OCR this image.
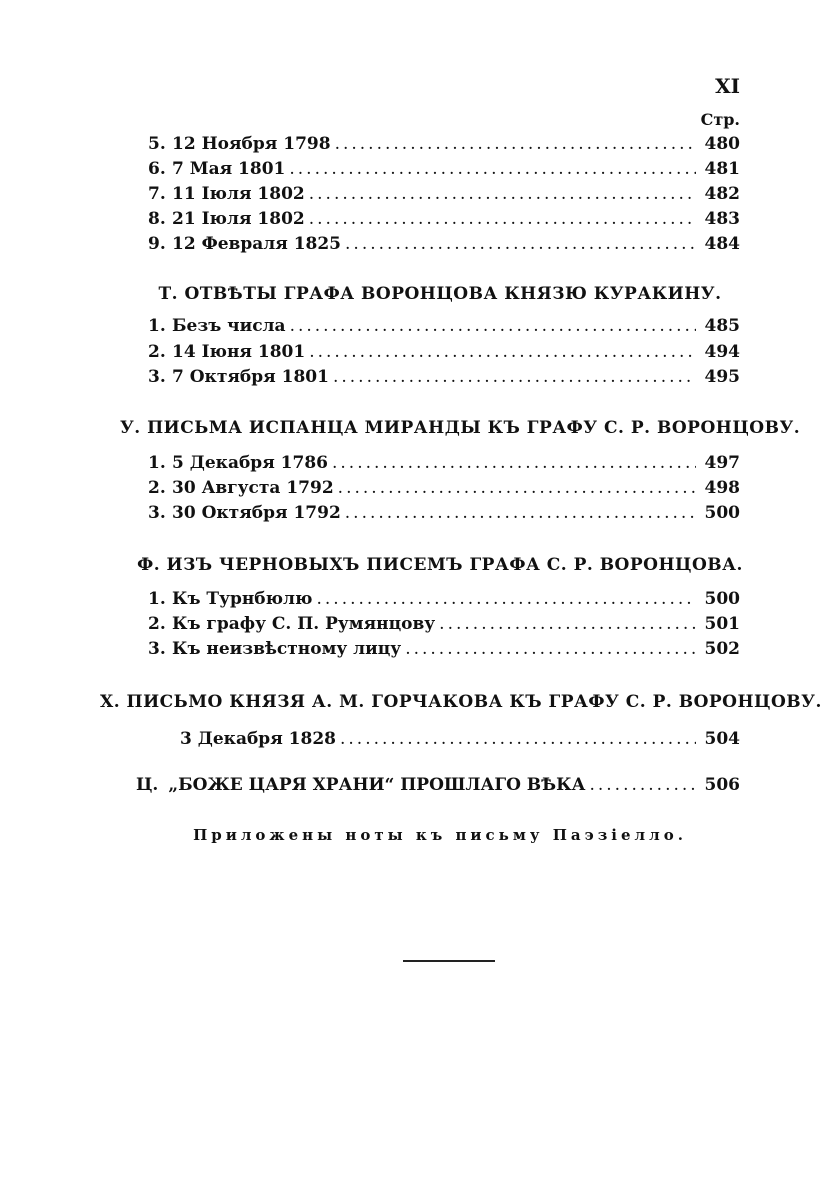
XI
Стр.
5. 12 Ноября 1798 .....	480
6. 7 Мая 1801 .....	481
7. 11 Іюля 1802 .....	482
8. 21 Іюля 1802 .....	483
9. 12 Февраля 1825 .....	484
Т. ОТВѢТЫ ГРАФА ВОРОНЦОВА КНЯЗЮ КУРАКИНУ.
1. Безъ числа .....	485
2. 14 Іюня 1801 .....	494
3. 7 Октября 1801 .....	495
У. ПИСЬМА ИСПАНЦА МИРАНДЫ КЪ ГРАФУ С. Р. ВОРОНЦОВУ.
1. 5 Декабря 1786 .....	497
2. 30 Августа 1792 .....	498
3. 30 Октября 1792 .....	500
Ф. ИЗЪ ЧЕРНОВЫХЪ ПИСЕМЪ ГРАФА С. Р. ВОРОНЦОВА.
1. Къ Турнбюлю .....	500
2. Къ графу С. П. Румянцову .....	501
3. Къ неизвѣстному лицу .....	502
Х. ПИСЬМО КНЯЗЯ А. М. ГОРЧАКОВА КЪ ГРАФУ С. Р. ВОРОНЦОВУ.
3 Декабря 1828 .....	504
Ц. „БОЖЕ ЦАРЯ ХРАНИ“ ПРОШЛАГО ВѢКА .....	506
Приложены ноты къ письму Паэзіелло.
